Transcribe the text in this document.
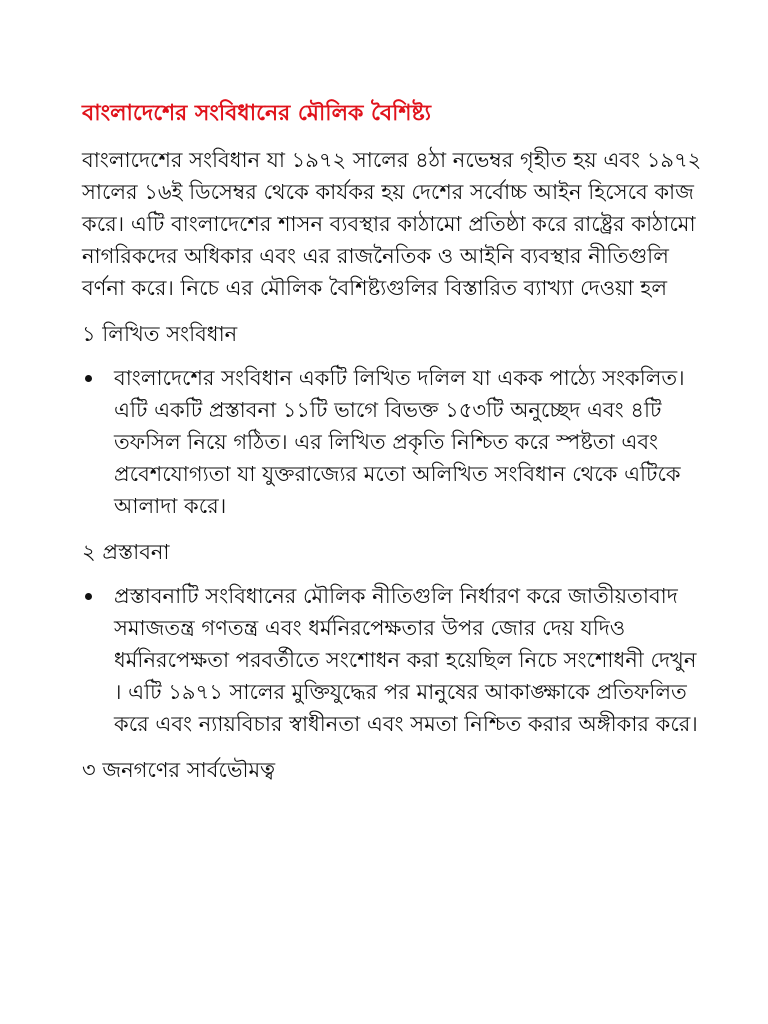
বাংলাদেশের সংবিধানের মৌলিক বৈশিষ্ট্য

বাংলাদেশের সংবিধান যা ১৯৭২ সালের ৪ঠা নভেম্বর গৃহীত হয় এবং ১৯৭২ সালের ১৬ই ডিসেম্বর থেকে কার্যকর হয় দেশের সর্বোচ্চ আইন হিসেবে কাজ করে। এটি বাংলাদেশের শাসন ব্যবস্থার কাঠামো প্রতিষ্ঠা করে রাষ্ট্রের কাঠামো নাগরিকদের অধিকার এবং এর রাজনৈতিক ও আইনি ব্যবস্থার নীতিগুলি বর্ণনা করে। নিচে এর মৌলিক বৈশিষ্ট্যগুলির বিস্তারিত ব্যাখ্যা দেওয়া হল

১ লিখিত সংবিধান
বাংলাদেশের সংবিধান একটি লিখিত দলিল যা একক পাঠ্যে সংকলিত। এটি একটি প্রস্তাবনা ১১টি ভাগে বিভক্ত ১৫৩টি অনুচ্ছেদ এবং ৪টি তফসিল নিয়ে গঠিত। এর লিখিত প্রকৃতি নিশ্চিত করে স্পষ্টতা এবং প্রবেশযোগ্যতা যা যুক্তরাজ্যের মতো অলিখিত সংবিধান থেকে এটিকে আলাদা করে।
২ প্রস্তাবনা
প্রস্তাবনাটি সংবিধানের মৌলিক নীতিগুলি নির্ধারণ করে জাতীয়তাবাদ সমাজতন্ত্র গণতন্ত্র এবং ধর্মনিরপেক্ষতার উপর জোর দেয় যদিও ধর্মনিরপেক্ষতা পরবর্তীতে সংশোধন করা হয়েছিল নিচে সংশোধনী দেখুন । এটি ১৯৭১ সালের মুক্তিযুদ্ধের পর মানুষের আকাঙ্ক্ষাকে প্রতিফলিত করে এবং ন্যায়বিচার স্বাধীনতা এবং সমতা নিশ্চিত করার অঙ্গীকার করে।
৩ জনগণের সার্বভৌমত্ব
